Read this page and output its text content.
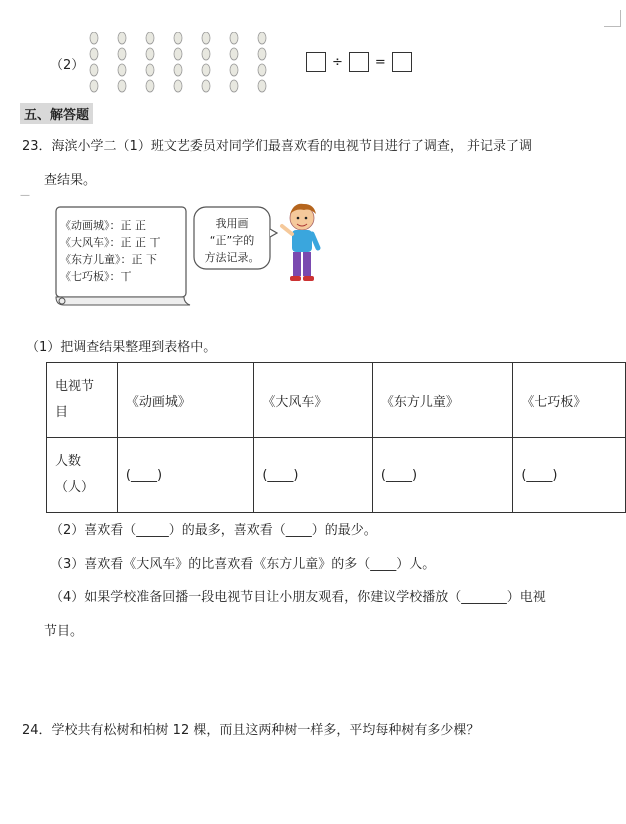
（2）	÷ =
五、解答题
23．海滨小学二（1）班文艺委员对同学们最喜欢看的电视节目进行了调查， 并记录了调
查结果。
—
《动画城》：正 正
《大风车》：正 正 丅
《东方儿童》：正 下
《七巧板》：丅
我用画
“正”字的
方法记录。
（1）把调查结果整理到表格中。
电视节
目	《动画城》	《大风车》	《东方儿童》	《七巧板》

人数
（人）	(____)	(____)	(____)	(____)
（2）喜欢看（_____）的最多，喜欢看（____）的最少。
（3）喜欢看《大风车》的比喜欢看《东方儿童》的多（____）人。
（4）如果学校准备回播一段电视节目让小朋友观看，你建议学校播放（_______）电视
节目。
24．学校共有松树和柏树 12 棵，而且这两种树一样多，平均每种树有多少棵？
